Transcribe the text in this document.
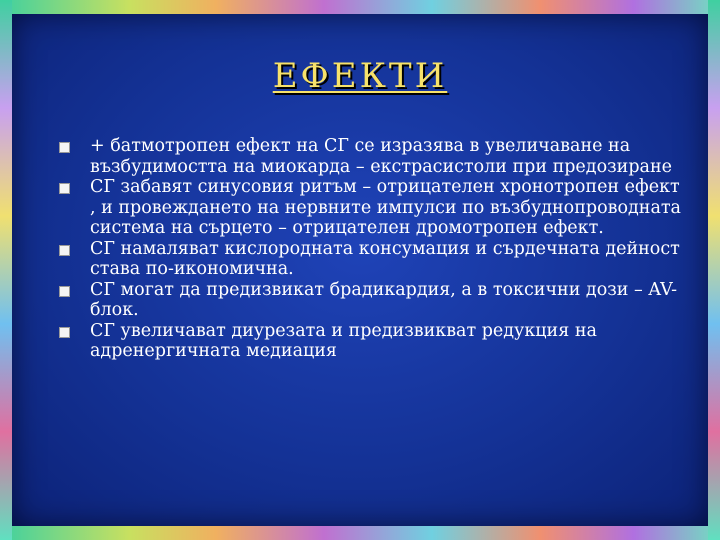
ЕФЕКТИ
+ батмотропен ефект на СГ се изразява в увеличаване на възбудимостта на миокарда – екстрасистоли при предозиране
СГ забавят синусовия ритъм – отрицателен хронотропен ефект , и провеждането на нервните импулси по възбуднопроводната система на сърцето – отрицателен дромотропен ефект.
СГ намаляват кислородната консумация и сърдечната дейност става по-икономична.
СГ могат да предизвикат брадикардия, а в токсични дози – AV-блок.
СГ увеличават диурезата и предизвикват редукция на адренергичната медиация
